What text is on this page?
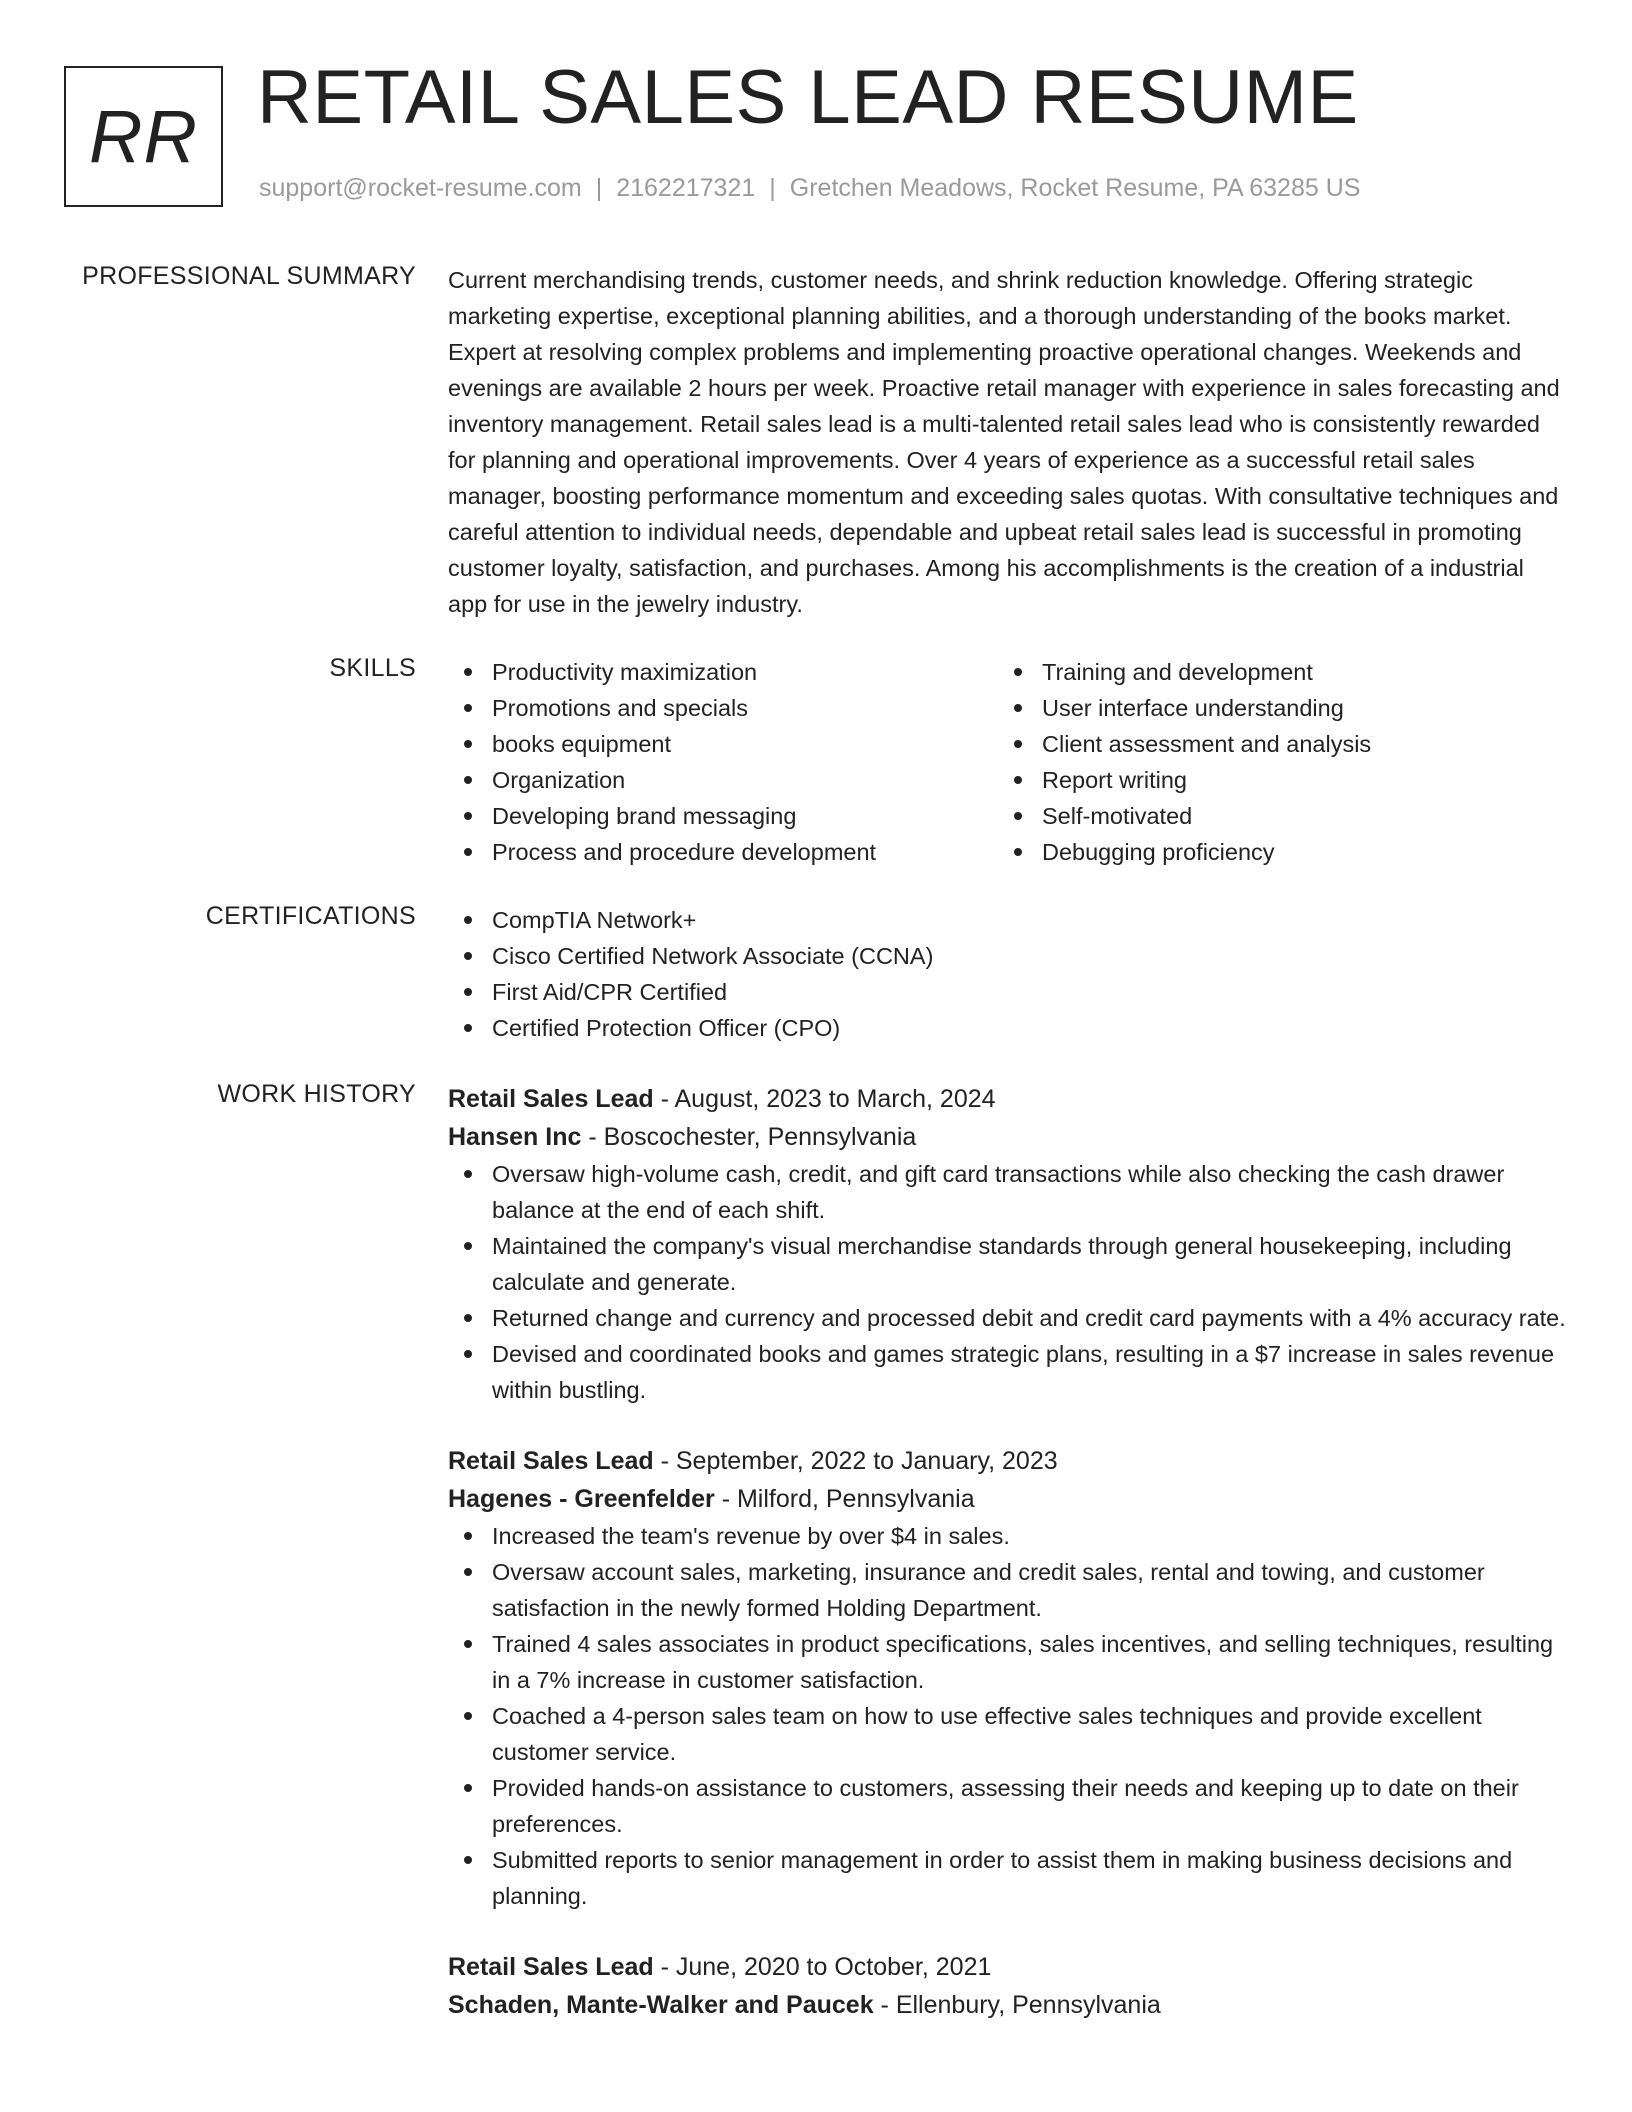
RR RETAIL SALES LEAD RESUME
support@rocket-resume.com | 2162217321 | Gretchen Meadows, Rocket Resume, PA 63285 US
PROFESSIONAL SUMMARY Current merchandising trends, customer needs, and shrink reduction knowledge. Offering strategic marketing expertise, exceptional planning abilities, and a thorough understanding of the books market. Expert at resolving complex problems and implementing proactive operational changes. Weekends and evenings are available 2 hours per week. Proactive retail manager with experience in sales forecasting and inventory management. Retail sales lead is a multi-talented retail sales lead who is consistently rewarded for planning and operational improvements. Over 4 years of experience as a successful retail sales manager, boosting performance momentum and exceeding sales quotas. With consultative techniques and careful attention to individual needs, dependable and upbeat retail sales lead is successful in promoting customer loyalty, satisfaction, and purchases. Among his accomplishments is the creation of a industrial app for use in the jewelry industry.

SKILLS	Productivity maximization
Promotions and specials
books equipment
Organization
Developing brand messaging
Process and procedure development
Training and development
User interface understanding
Client assessment and analysis
Report writing
Self-motivated
Debugging proficiency
CERTIFICATIONS	CompTIA Network+
Cisco Certified Network Associate (CCNA)
First Aid/CPR Certified
Certified Protection Officer (CPO)
WORK HISTORY Retail Sales Lead - August, 2023 to March, 2024
Hansen Inc - Boscochester, Pennsylvania
Oversaw high-volume cash, credit, and gift card transactions while also checking the cash drawer balance at the end of each shift.
Maintained the company's visual merchandise standards through general housekeeping, including calculate and generate.
Returned change and currency and processed debit and credit card payments with a 4% accuracy rate.
Devised and coordinated books and games strategic plans, resulting in a $7 increase in sales revenue within bustling.
Retail Sales Lead - September, 2022 to January, 2023
Hagenes - Greenfelder - Milford, Pennsylvania
Increased the team's revenue by over $4 in sales.
Oversaw account sales, marketing, insurance and credit sales, rental and towing, and customer satisfaction in the newly formed Holding Department.
Trained 4 sales associates in product specifications, sales incentives, and selling techniques, resulting in a 7% increase in customer satisfaction.
Coached a 4-person sales team on how to use effective sales techniques and provide excellent customer service.
Provided hands-on assistance to customers, assessing their needs and keeping up to date on their preferences.
Submitted reports to senior management in order to assist them in making business decisions and planning.
Retail Sales Lead - June, 2020 to October, 2021
Schaden, Mante-Walker and Paucek - Ellenbury, Pennsylvania
